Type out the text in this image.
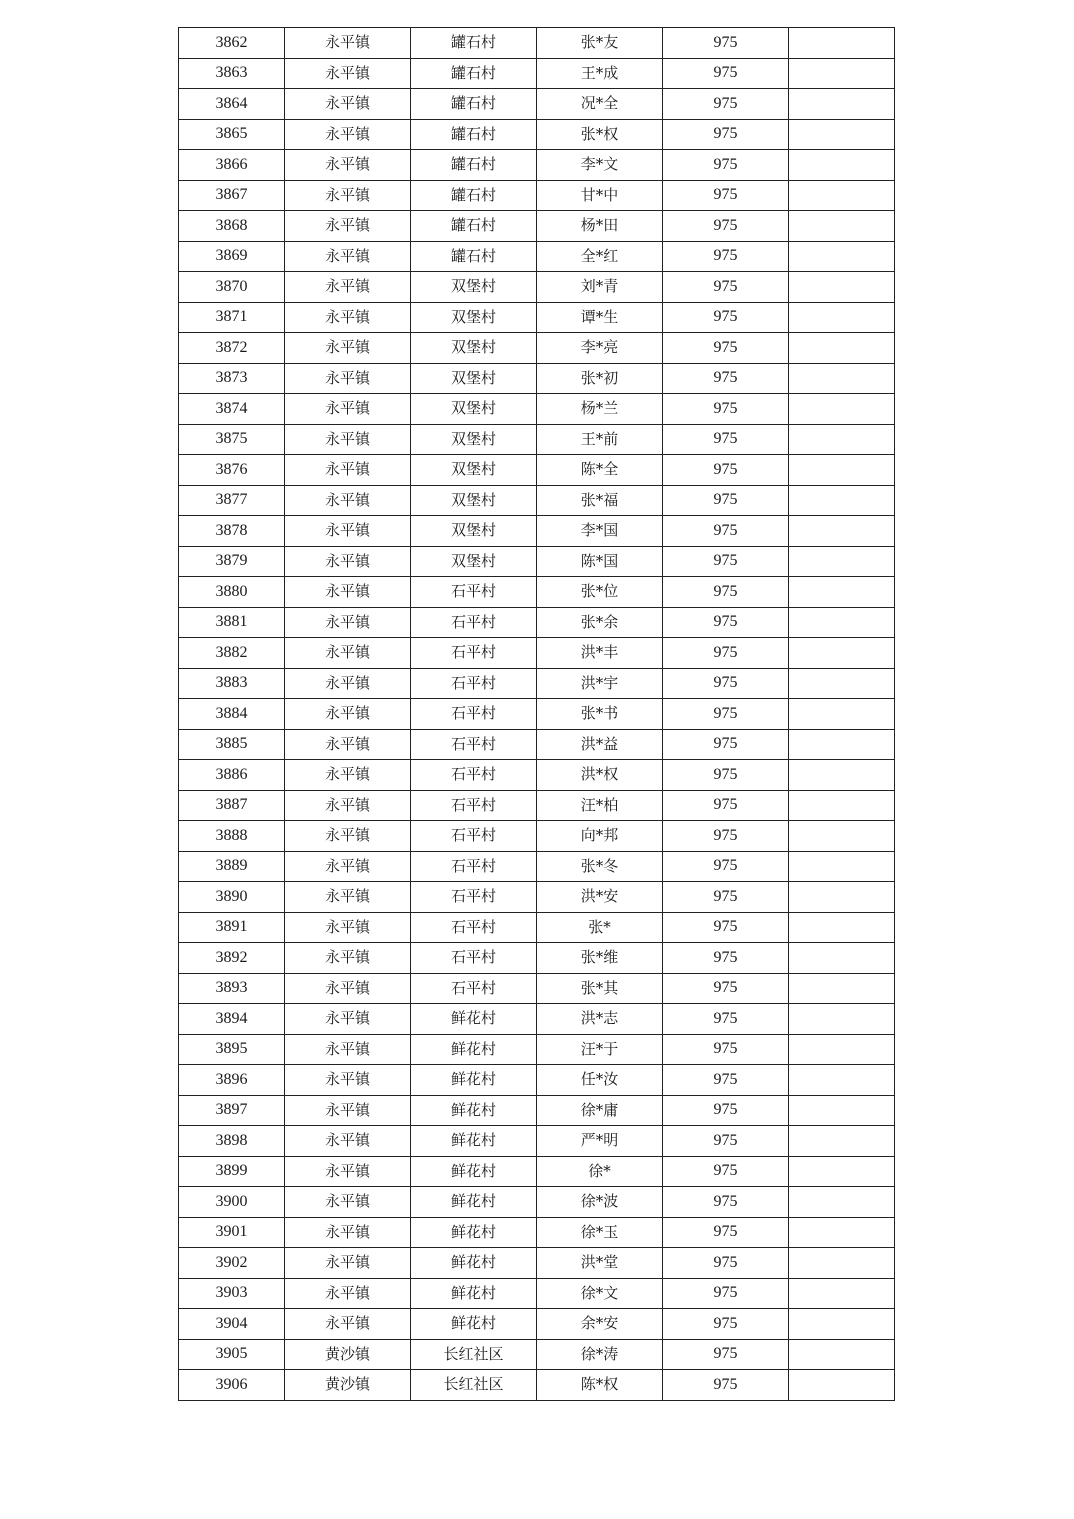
3862	永平镇	罐石村	张*友	975	
3863	永平镇	罐石村	王*成	975	
3864	永平镇	罐石村	况*全	975	
3865	永平镇	罐石村	张*权	975	
3866	永平镇	罐石村	李*文	975	
3867	永平镇	罐石村	甘*中	975	
3868	永平镇	罐石村	杨*田	975	
3869	永平镇	罐石村	全*红	975	
3870	永平镇	双堡村	刘*青	975	
3871	永平镇	双堡村	谭*生	975	
3872	永平镇	双堡村	李*亮	975	
3873	永平镇	双堡村	张*初	975	
3874	永平镇	双堡村	杨*兰	975	
3875	永平镇	双堡村	王*前	975	
3876	永平镇	双堡村	陈*全	975	
3877	永平镇	双堡村	张*福	975	
3878	永平镇	双堡村	李*国	975	
3879	永平镇	双堡村	陈*国	975	
3880	永平镇	石平村	张*位	975	
3881	永平镇	石平村	张*余	975	
3882	永平镇	石平村	洪*丰	975	
3883	永平镇	石平村	洪*宇	975	
3884	永平镇	石平村	张*书	975	
3885	永平镇	石平村	洪*益	975	
3886	永平镇	石平村	洪*权	975	
3887	永平镇	石平村	汪*柏	975	
3888	永平镇	石平村	向*邦	975	
3889	永平镇	石平村	张*冬	975	
3890	永平镇	石平村	洪*安	975	
3891	永平镇	石平村	张*	975	
3892	永平镇	石平村	张*维	975	
3893	永平镇	石平村	张*其	975	
3894	永平镇	鲜花村	洪*志	975	
3895	永平镇	鲜花村	汪*于	975	
3896	永平镇	鲜花村	任*汝	975	
3897	永平镇	鲜花村	徐*庸	975	
3898	永平镇	鲜花村	严*明	975	
3899	永平镇	鲜花村	徐*	975	
3900	永平镇	鲜花村	徐*波	975	
3901	永平镇	鲜花村	徐*玉	975	
3902	永平镇	鲜花村	洪*堂	975	
3903	永平镇	鲜花村	徐*文	975	
3904	永平镇	鲜花村	余*安	975	
3905	黄沙镇	长红社区	徐*涛	975	
3906	黄沙镇	长红社区	陈*权	975	
